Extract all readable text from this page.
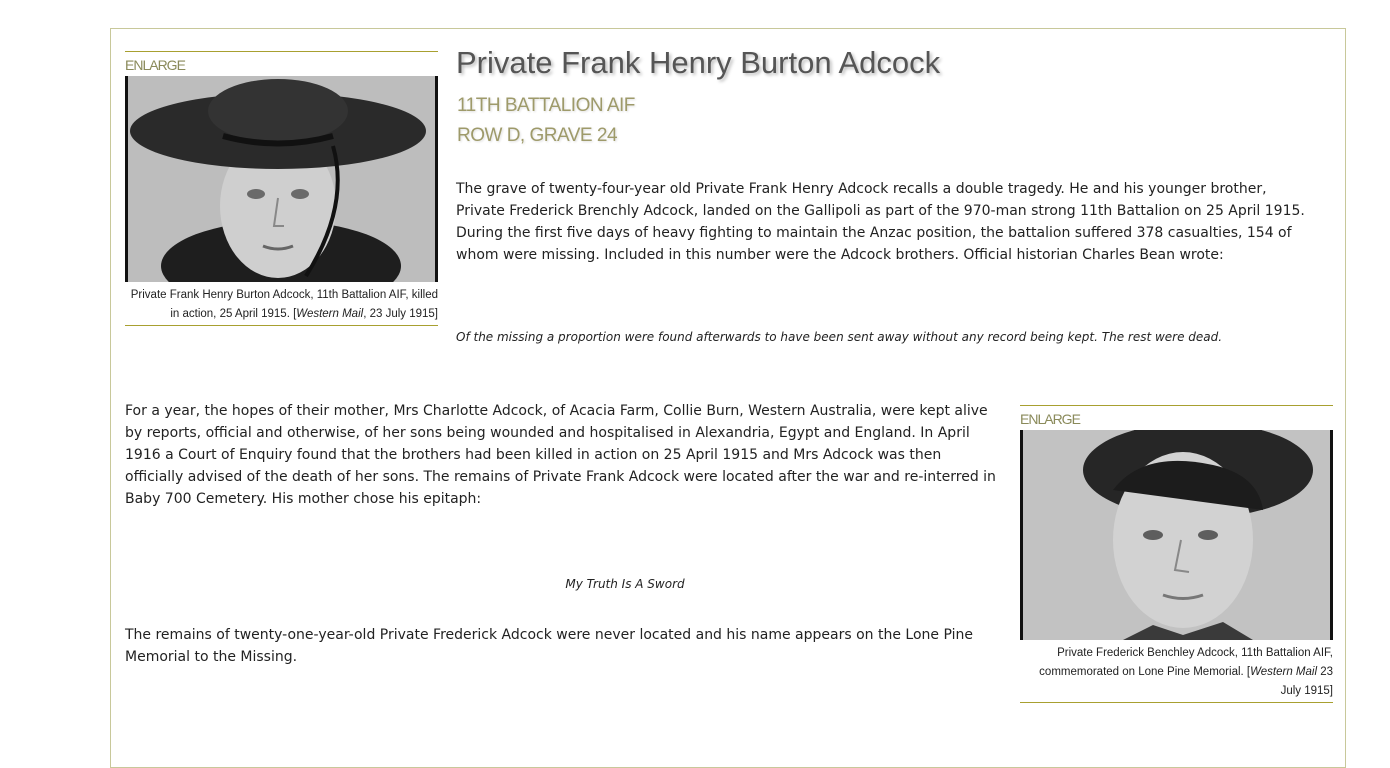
ENLARGE
Private Frank Henry Burton Adcock, 11th Battalion AIF, killed in action, 25 April 1915. [Western Mail, 23 July 1915]
Private Frank Henry Burton Adcock
11TH BATTALION AIF
ROW D, GRAVE 24

The grave of twenty-four-year old Private Frank Henry Adcock recalls a double tragedy. He and his younger brother, Private Frederick Brenchly Adcock, landed on the Gallipoli as part of the 970-man strong 11th Battalion on 25 April 1915. During the first five days of heavy fighting to maintain the Anzac position, the battalion suffered 378 casualties, 154 of whom were missing. Included in this number were the Adcock brothers. Official historian Charles Bean wrote:

Of the missing a proportion were found afterwards to have been sent away without any record being kept. The rest were dead.

For a year, the hopes of their mother, Mrs Charlotte Adcock, of Acacia Farm, Collie Burn, Western Australia, were kept alive by reports, official and otherwise, of her sons being wounded and hospitalised in Alexandria, Egypt and England. In April 1916 a Court of Enquiry found that the brothers had been killed in action on 25 April 1915 and Mrs Adcock was then officially advised of the death of her sons. The remains of Private Frank Adcock were located after the war and re-interred in Baby 700 Cemetery. His mother chose his epitaph:

My Truth Is A Sword

The remains of twenty-one-year-old Private Frederick Adcock were never located and his name appears on the Lone Pine Memorial to the Missing.

ENLARGE
Private Frederick Benchley Adcock, 11th Battalion AIF, commemorated on Lone Pine Memorial. [Western Mail 23 July 1915]
